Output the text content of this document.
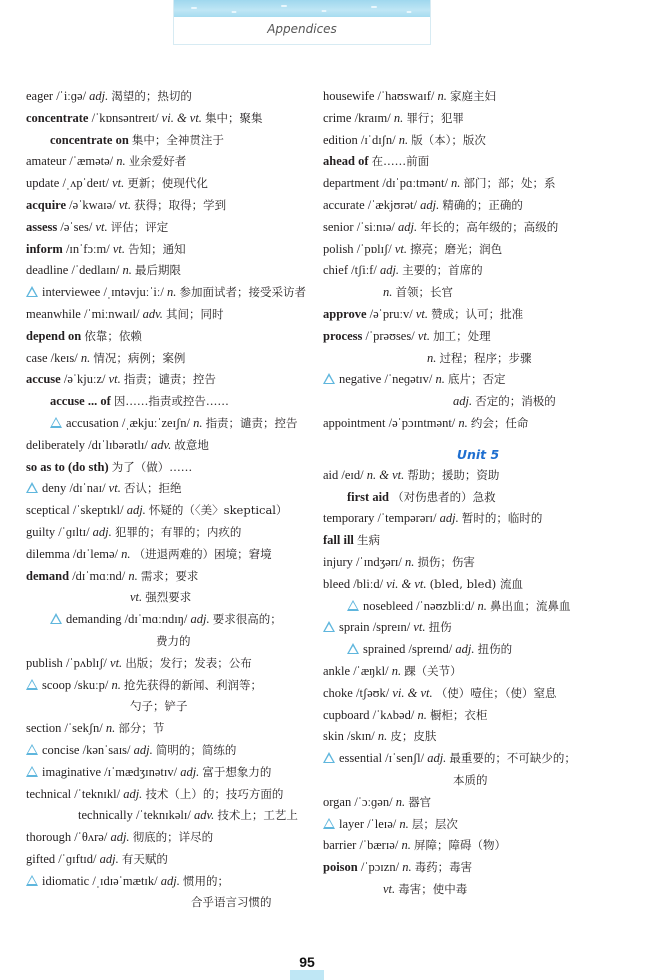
Appendices
eager /ˈiːɡə/ adj. 渴望的；热切的
concentrate /ˈkɒnsəntreɪt/ vi. & vt. 集中；聚集
concentrate on 集中；全神贯注于
amateur /ˈæmətə/ n. 业余爱好者
update /ˌʌpˈdeɪt/ vt. 更新；使现代化
acquire /əˈkwaɪə/ vt. 获得；取得；学到
assess /əˈses/ vt. 评估；评定
inform /ɪnˈfɔːm/ vt. 告知；通知
deadline /ˈdedlaɪn/ n. 最后期限
interviewee /ˌɪntəvjuːˈiː/ n. 参加面试者；接受采访者
meanwhile /ˈmiːnwaɪl/ adv. 其间；同时
depend on 依靠；依赖
case /keɪs/ n. 情况；病例；案例
accuse /əˈkjuːz/ vt. 指责；谴责；控告
accuse ... of 因……指责或控告……
accusation /ˌækjuːˈzeɪʃn/ n. 指责；谴责；控告
deliberately /dɪˈlɪbərətlɪ/ adv. 故意地
so as to (do sth) 为了（做）……
deny /dɪˈnaɪ/ vt. 否认；拒绝
sceptical /ˈskeptɪkl/ adj. 怀疑的（〈美〉skeptical）
guilty /ˈɡɪltɪ/ adj. 犯罪的；有罪的；内疚的
dilemma /dɪˈlemə/ n. （进退两难的）困境；窘境
demand /dɪˈmɑːnd/ n. 需求；要求
vt. 强烈要求
demanding /dɪˈmɑːndɪŋ/ adj. 要求很高的；
费力的
publish /ˈpʌblɪʃ/ vt. 出版；发行；发表；公布
scoop /skuːp/ n. 抢先获得的新闻、利润等；
勺子；铲子
section /ˈsekʃn/ n. 部分；节
concise /kənˈsaɪs/ adj. 简明的；简练的
imaginative /ɪˈmædʒɪnətɪv/ adj. 富于想象力的
technical /ˈteknɪkl/ adj. 技术（上）的；技巧方面的
technically /ˈteknɪkəlɪ/ adv. 技术上；工艺上
thorough /ˈθʌrə/ adj. 彻底的；详尽的
gifted /ˈɡɪftɪd/ adj. 有天赋的
idiomatic /ˌɪdɪəˈmætɪk/ adj. 惯用的；
合乎语言习惯的
housewife /ˈhaʊswaɪf/ n. 家庭主妇
crime /kraɪm/ n. 罪行；犯罪
edition /ɪˈdɪʃn/ n. 版（本）；版次
ahead of 在……前面
department /dɪˈpɑːtmənt/ n. 部门；部；处；系
accurate /ˈækjʊrət/ adj. 精确的；正确的
senior /ˈsiːnɪə/ adj. 年长的；高年级的；高级的
polish /ˈpɒlɪʃ/ vt. 擦亮；磨光；润色
chief /tʃiːf/ adj. 主要的；首席的
n. 首领；长官
approve /əˈpruːv/ vt. 赞成；认可；批准
process /ˈprəʊses/ vt. 加工；处理
n. 过程；程序；步骤
negative /ˈneɡətɪv/ n. 底片；否定
adj. 否定的；消极的
appointment /əˈpɔɪntmənt/ n. 约会；任命
Unit 5
aid /eɪd/ n. & vt. 帮助；援助；资助
first aid （对伤患者的）急救
temporary /ˈtempərərɪ/ adj. 暂时的；临时的
fall ill 生病
injury /ˈɪndʒərɪ/ n. 损伤；伤害
bleed /bliːd/ vi. & vt. (bled, bled) 流血
nosebleed /ˈnəʊzbliːd/ n. 鼻出血；流鼻血
sprain /spreɪn/ vt. 扭伤
sprained /spreɪnd/ adj. 扭伤的
ankle /ˈæŋkl/ n. 踝（关节）
choke /tʃəʊk/ vi. & vt. （使）噎住；（使）窒息
cupboard /ˈkʌbəd/ n. 橱柜；衣柜
skin /skɪn/ n. 皮；皮肤
essential /ɪˈsenʃl/ adj. 最重要的；不可缺少的；
本质的
organ /ˈɔːɡən/ n. 器官
layer /ˈleɪə/ n. 层；层次
barrier /ˈbærɪə/ n. 屏障；障碍（物）
poison /ˈpɔɪzn/ n. 毒药；毒害
vt. 毒害；使中毒
95
